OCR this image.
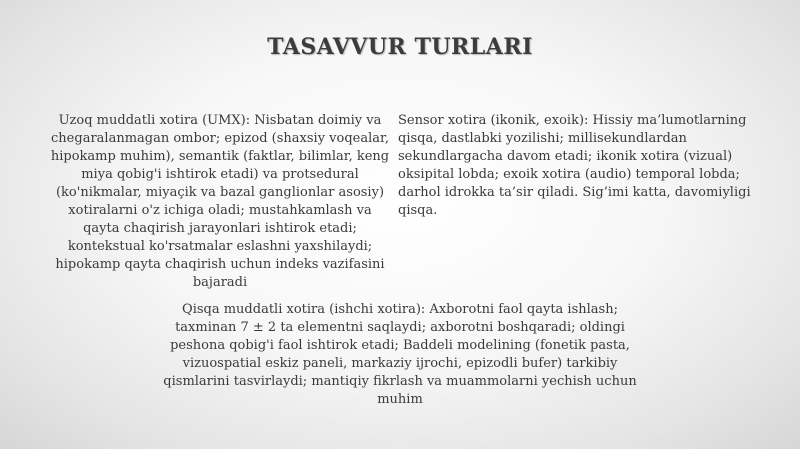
TASAVVUR TURLARI
Uzoq muddatli xotira (UMX): Nisbatan doimiy va chegaralanmagan ombor; epizod (shaxsiy voqealar, hipokamp muhim), semantik (faktlar, bilimlar, keng miya qobig'i ishtirok etadi) va protsedural (ko'nikmalar, miyaçik va bazal ganglionlar asosiy) xotiralarni o'z ichiga oladi; mustahkamlash va qayta chaqirish jarayonlari ishtirok etadi; kontekstual ko'rsatmalar eslashni yaxshilaydi; hipokamp qayta chaqirish uchun indeks vazifasini bajaradi
Sensor xotira (ikonik, exoik): Hissiy ma’lumotlarning qisqa, dastlabki yozilishi; millisekundlardan sekundlargacha davom etadi; ikonik xotira (vizual) oksipital lobda; exoik xotira (audio) temporal lobda; darhol idrokka ta’sir qiladi. Sig’imi katta, davomiyligi qisqa.
Qisqa muddatli xotira (ishchi xotira): Axborotni faol qayta ishlash; taxminan 7 ± 2 ta elementni saqlaydi; axborotni boshqaradi; oldingi peshona qobig'i faol ishtirok etadi; Baddeli modelining (fonetik pasta, vizuospatial eskiz paneli, markaziy ijrochi, epizodli bufer) tarkibiy qismlarini tasvirlaydi; mantiqiy fikrlash va muammolarni yechish uchun muhim
